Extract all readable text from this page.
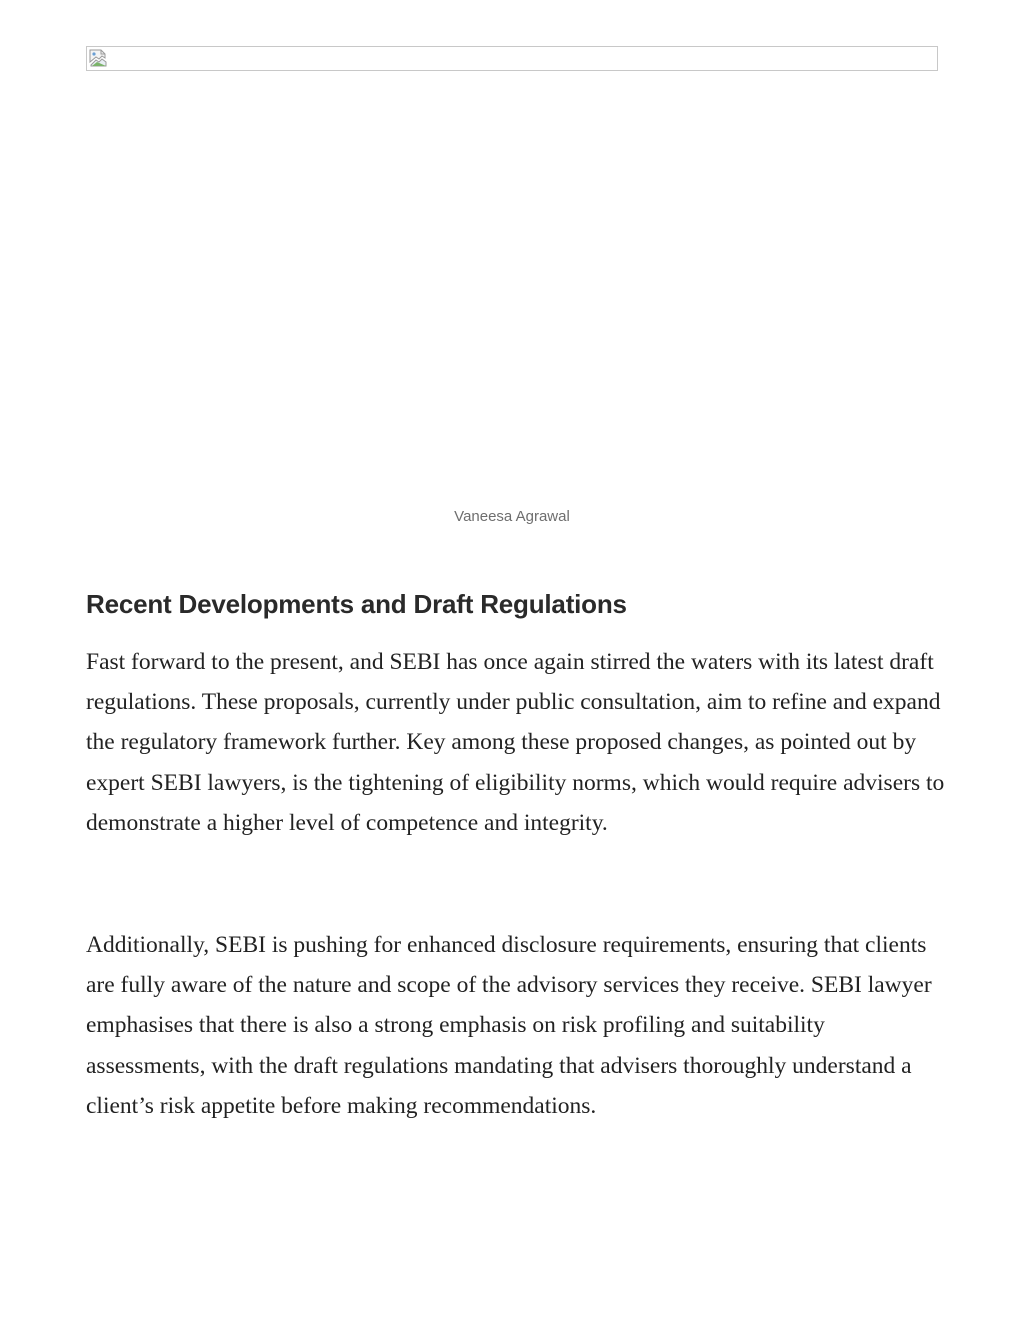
Vaneesa Agrawal
Recent Developments and Draft Regulations

Fast forward to the present, and SEBI has once again stirred the waters with its latest draft regulations. These proposals, currently under public consultation, aim to refine and expand the regulatory framework further. Key among these proposed changes, as pointed out by expert SEBI lawyers, is the tightening of eligibility norms, which would require advisers to demonstrate a higher level of competence and integrity.

Additionally, SEBI is pushing for enhanced disclosure requirements, ensuring that clients are fully aware of the nature and scope of the advisory services they receive. SEBI lawyer emphasises that there is also a strong emphasis on risk profiling and suitability assessments, with the draft regulations mandating that advisers thoroughly understand a client’s risk appetite before making recommendations.
